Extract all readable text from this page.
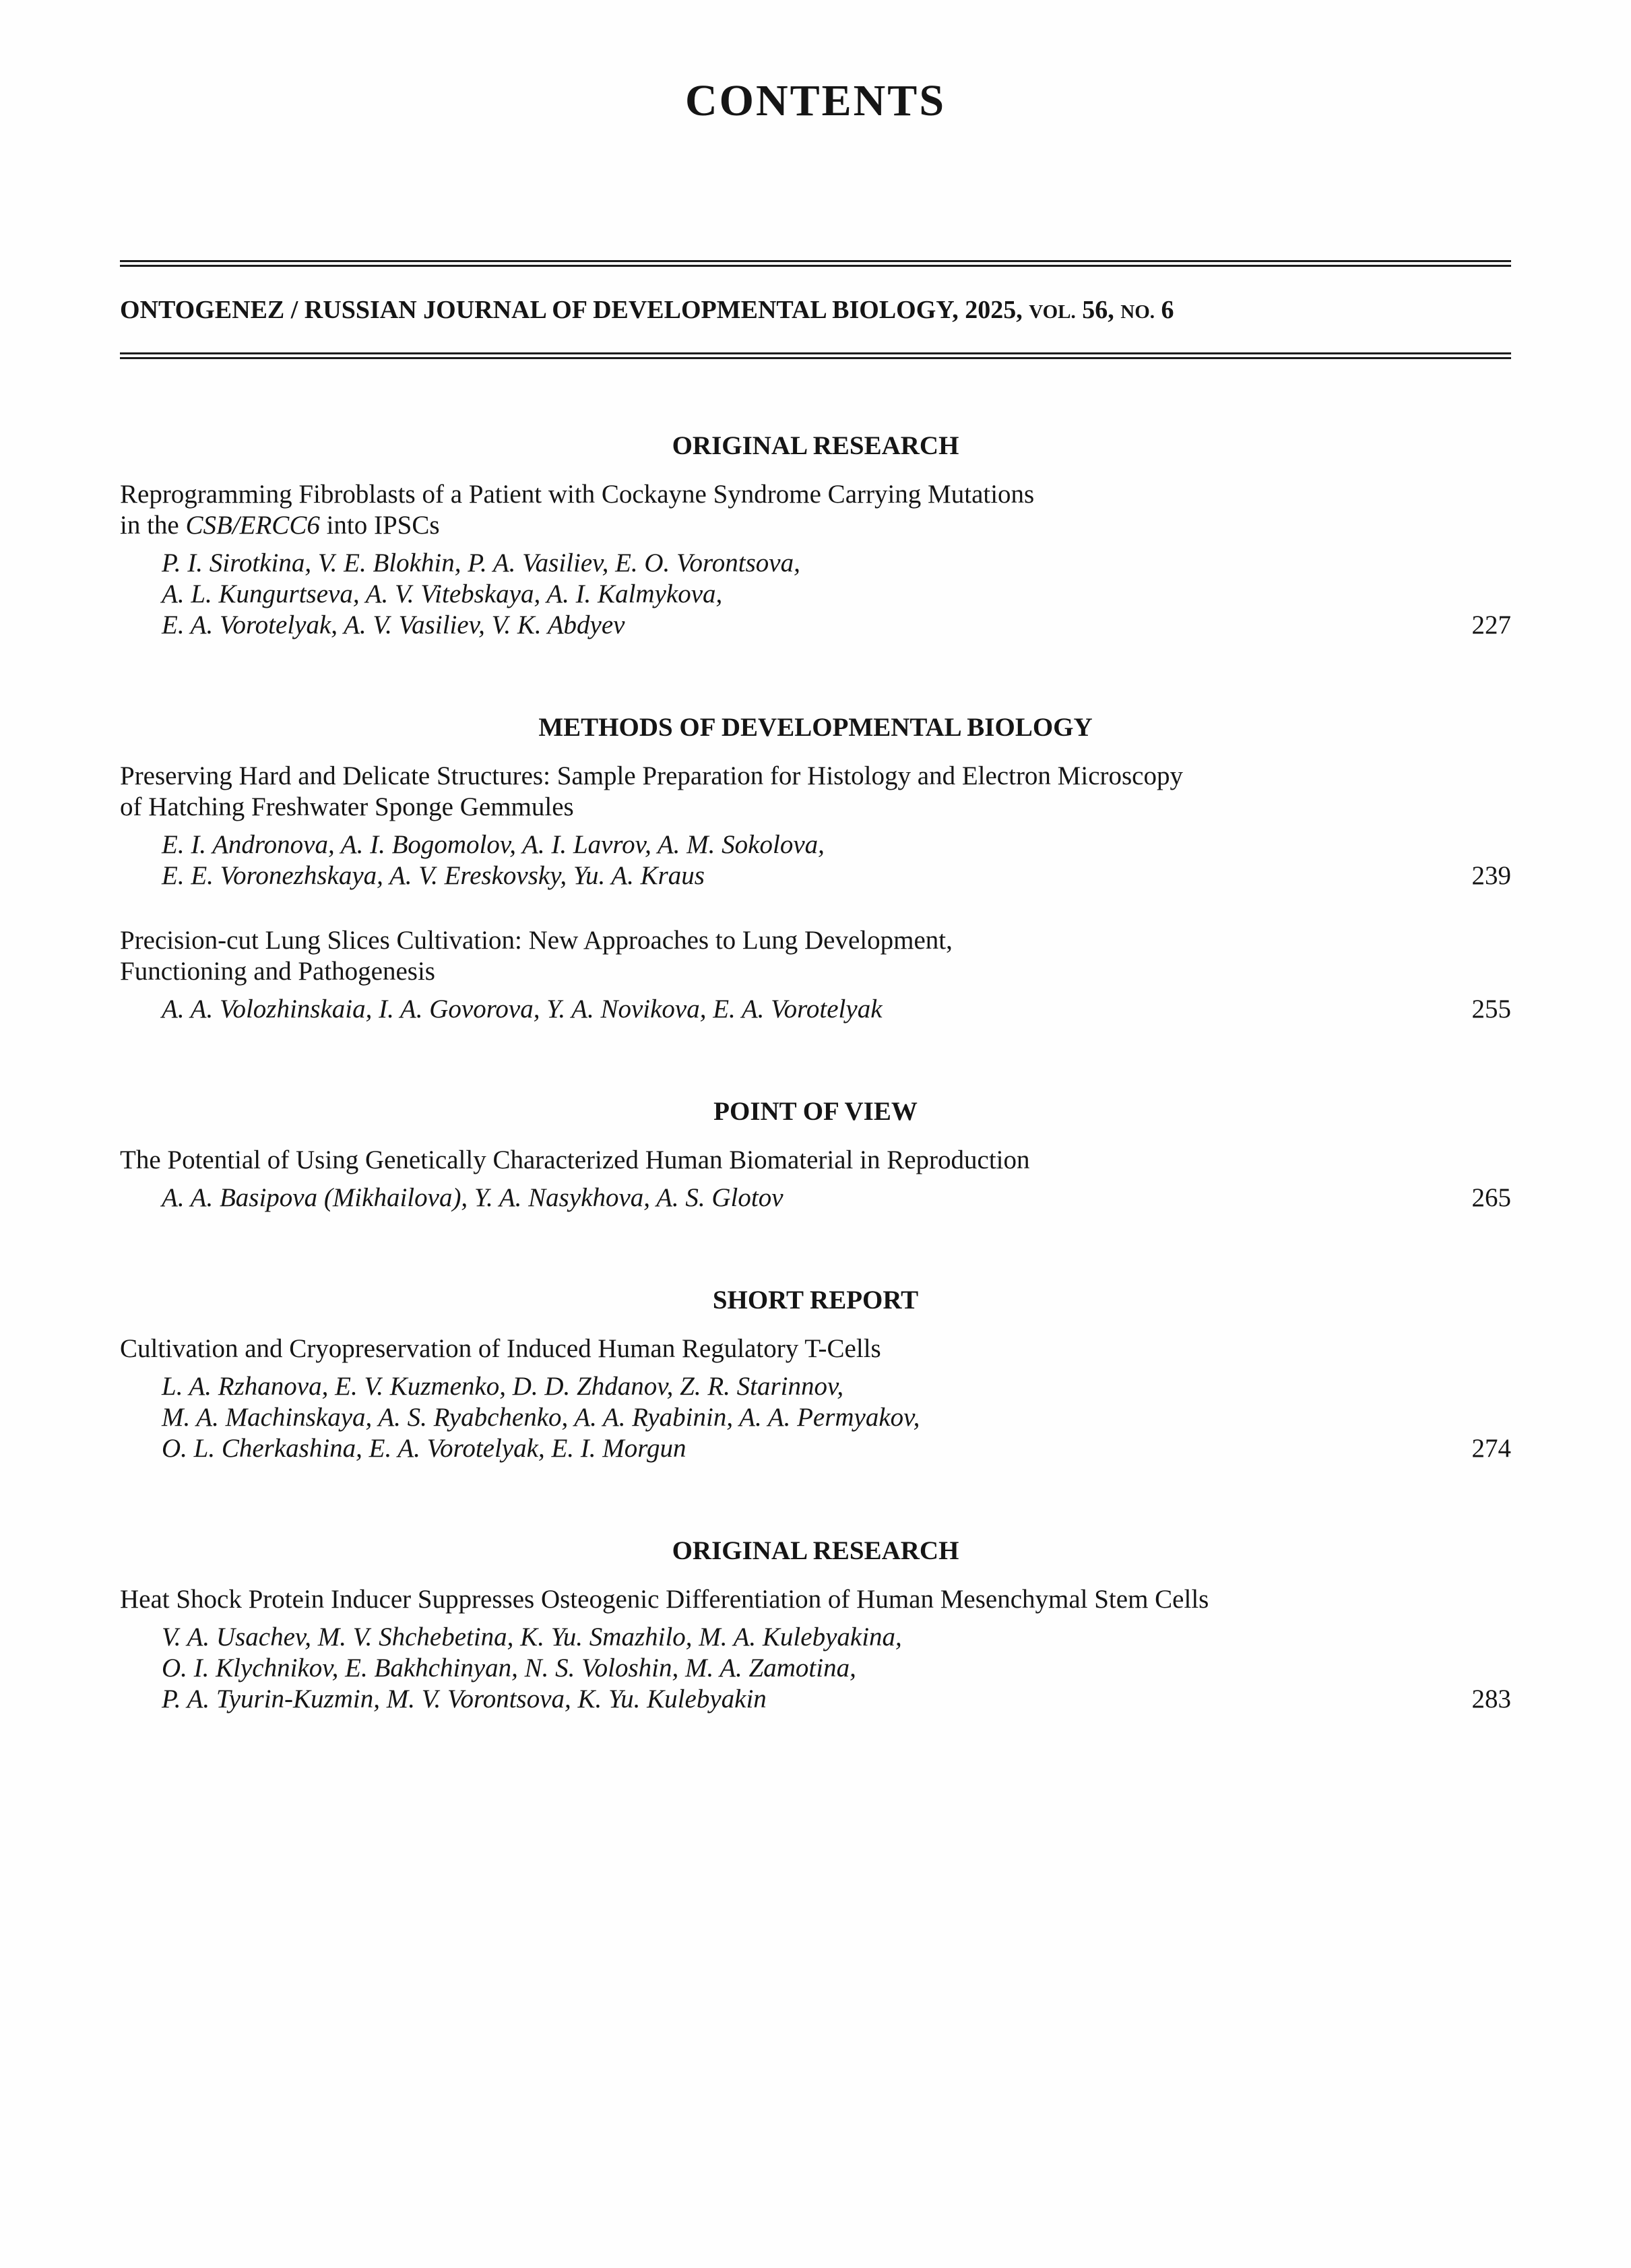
CONTENTS
ONTOGENEZ / RUSSIAN JOURNAL OF DEVELOPMENTAL BIOLOGY, 2025, VOL. 56, NO. 6
ORIGINAL RESEARCH
Reprogramming Fibroblasts of a Patient with Cockayne Syndrome Carrying Mutations
in the CSB/ERCC6 into IPSCs
P. I. Sirotkina, V. E. Blokhin, P. A. Vasiliev, E. O. Vorontsova,
A. L. Kungurtseva, A. V. Vitebskaya, A. I. Kalmykova,
E. A. Vorotelyak, A. V. Vasiliev, V. K. Abdyev	227
METHODS OF DEVELOPMENTAL BIOLOGY
Preserving Hard and Delicate Structures: Sample Preparation for Histology and Electron Microscopy
of Hatching Freshwater Sponge Gemmules
E. I. Andronova, A. I. Bogomolov, A. I. Lavrov, A. M. Sokolova,
E. E. Voronezhskaya, A. V. Ereskovsky, Yu. A. Kraus	239
Precision-cut Lung Slices Cultivation: New Approaches to Lung Development,
Functioning and Pathogenesis
A. A. Volozhinskaia, I. A. Govorova, Y. A. Novikova, E. A. Vorotelyak	255
POINT OF VIEW
The Potential of Using Genetically Characterized Human Biomaterial in Reproduction
A. A. Basipova (Mikhailova), Y. A. Nasykhova, A. S. Glotov	265
SHORT REPORT
Cultivation and Cryopreservation of Induced Human Regulatory T-Cells
L. A. Rzhanova, E. V. Kuzmenko, D. D. Zhdanov, Z. R. Starinnov,
M. A. Machinskaya, A. S. Ryabchenko, A. A. Ryabinin, A. A. Permyakov,
O. L. Cherkashina, E. A. Vorotelyak, E. I. Morgun	274
ORIGINAL RESEARCH
Heat Shock Protein Inducer Suppresses Osteogenic Differentiation of Human Mesenchymal Stem Cells
V. A. Usachev, M. V. Shchebetina, K. Yu. Smazhilo, M. A. Kulebyakina,
O. I. Klychnikov, E. Bakhchinyan, N. S. Voloshin, M. A. Zamotina,
P. A. Tyurin-Kuzmin, M. V. Vorontsova, K. Yu. Kulebyakin	283
